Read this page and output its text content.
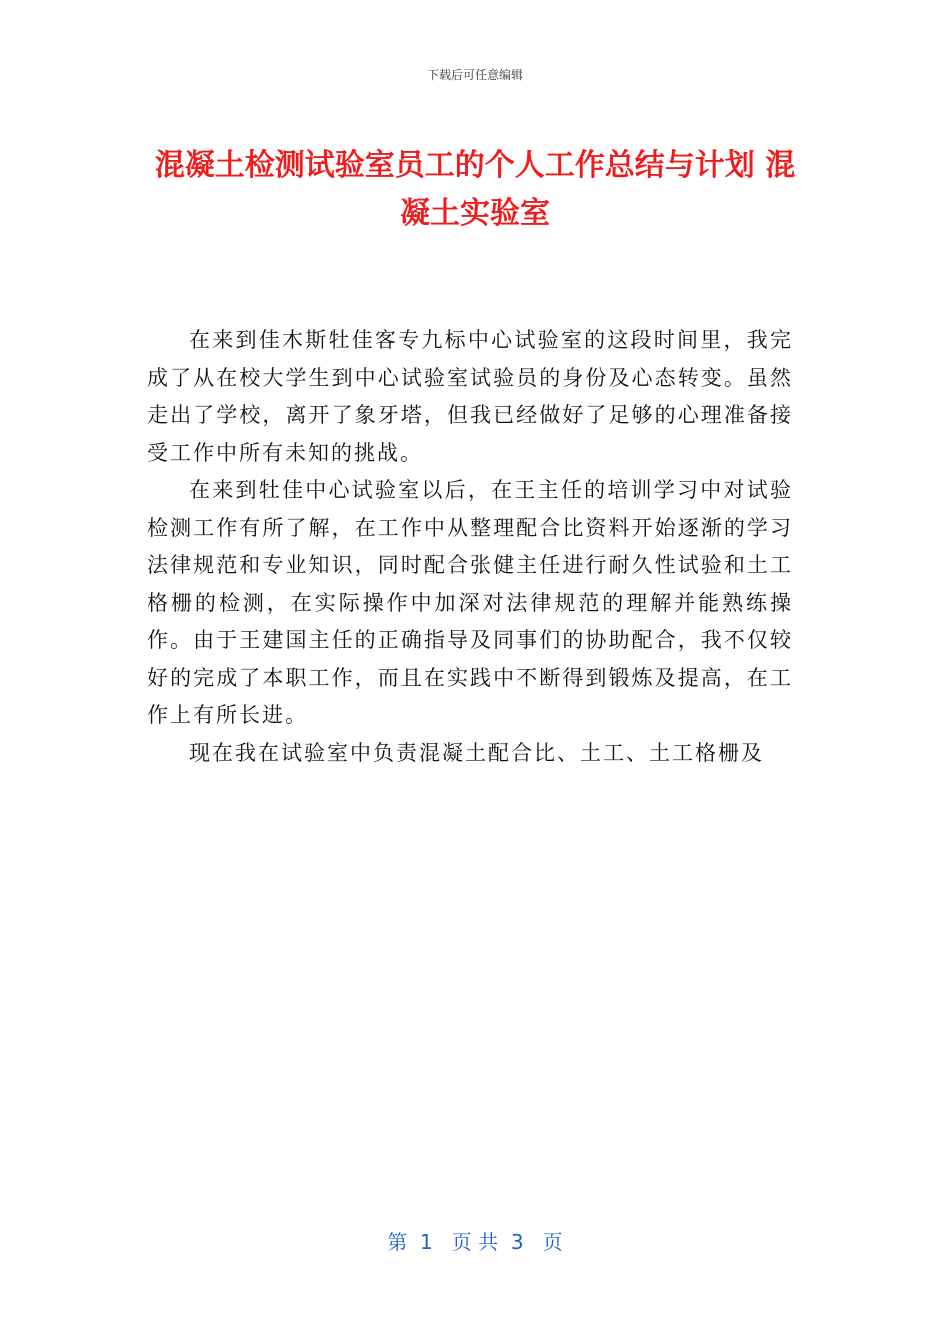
下载后可任意编辑
混凝土检测试验室员工的个人工作总结与计划 混凝土实验室

在来到佳木斯牡佳客专九标中心试验室的这段时间里，我完成了从在校大学生到中心试验室试验员的身份及心态转变。虽然走出了学校，离开了象牙塔，但我已经做好了足够的心理准备接受工作中所有未知的挑战。

在来到牡佳中心试验室以后，在王主任的培训学习中对试验检测工作有所了解，在工作中从整理配合比资料开始逐渐的学习法律规范和专业知识，同时配合张健主任进行耐久性试验和土工格栅的检测，在实际操作中加深对法律规范的理解并能熟练操作。由于王建国主任的正确指导及同事们的协助配合，我不仅较好的完成了本职工作，而且在实践中不断得到锻炼及提高，在工作上有所长进。

现在我在试验室中负责混凝土配合比、土工、土工格栅及

第  1   页 共  3   页
